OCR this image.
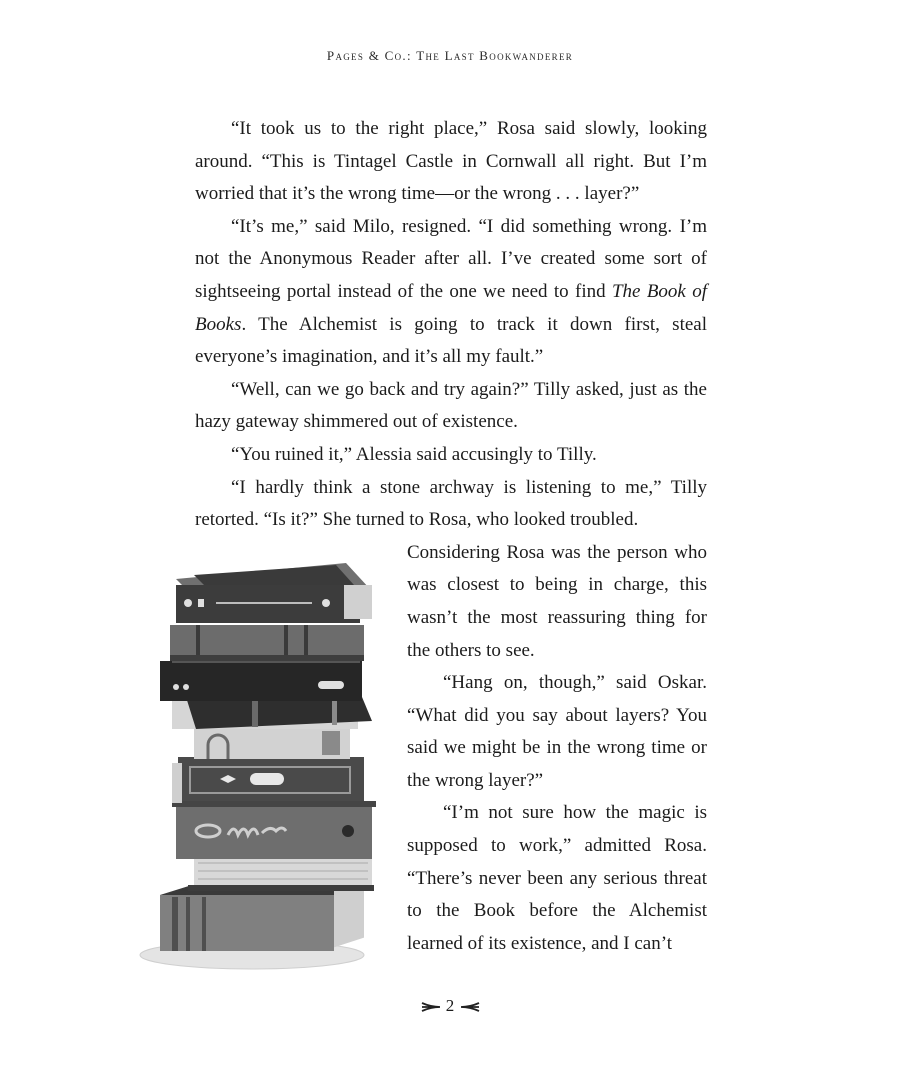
Pages & Co.: The Last Bookwanderer

“It took us to the right place,” Rosa said slowly, looking around. “This is Tintagel Castle in Cornwall all right. But I’m worried that it’s the wrong time—or the wrong . . . layer?”

“It’s me,” said Milo, resigned. “I did something wrong. I’m not the Anonymous Reader after all. I’ve created some sort of sightseeing portal instead of the one we need to find The Book of Books. The Alchemist is going to track it down first, steal everyone’s imagination, and it’s all my fault.”

“Well, can we go back and try again?” Tilly asked, just as the hazy gateway shimmered out of existence.

“You ruined it,” Alessia said accusingly to Tilly.

“I hardly think a stone archway is listening to me,” Tilly retorted. “Is it?” She turned to Rosa, who looked troubled.

Considering Rosa was the person who was closest to being in charge, this wasn’t the most reassuring thing for the others to see.

“Hang on, though,” said Oskar. “What did you say about layers? You said we might be in the wrong time or the wrong layer?”

“I’m not sure how the magic is supposed to work,” admitted Rosa. “There’s never been any serious threat to the Book before the Alchemist learned of its existence, and I can’t

2
